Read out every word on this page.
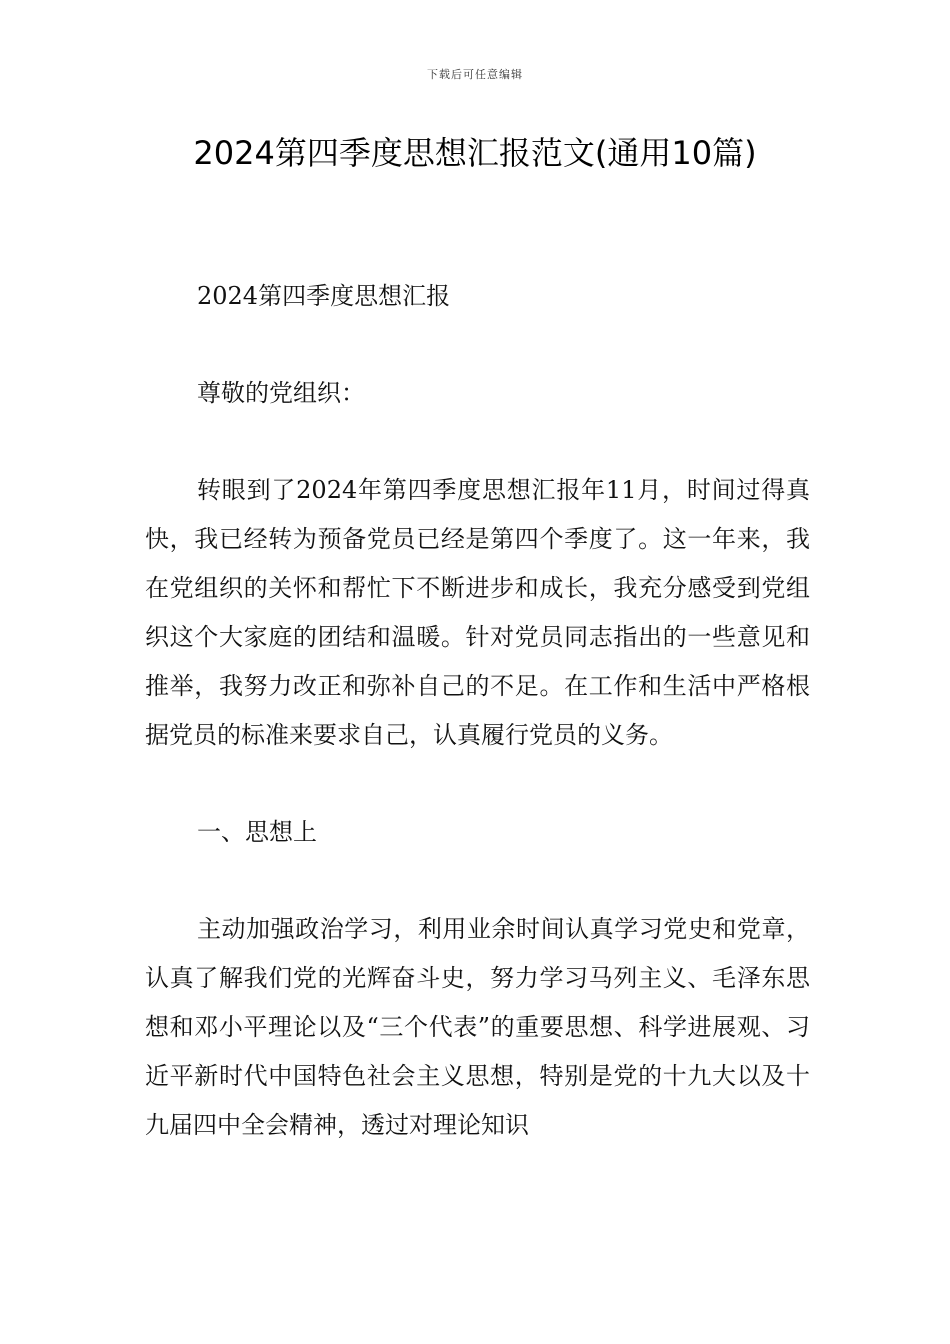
下载后可任意编辑
2024第四季度思想汇报范文(通用10篇)

2024第四季度思想汇报

尊敬的党组织：

转眼到了2024年第四季度思想汇报年11月，时间过得真快，我已经转为预备党员已经是第四个季度了。这一年来，我在党组织的关怀和帮忙下不断进步和成长，我充分感受到党组织这个大家庭的团结和温暖。针对党员同志指出的一些意见和推举，我努力改正和弥补自己的不足。在工作和生活中严格根据党员的标准来要求自己，认真履行党员的义务。

一、思想上

主动加强政治学习，利用业余时间认真学习党史和党章，认真了解我们党的光辉奋斗史，努力学习马列主义、毛泽东思想和邓小平理论以及“三个代表”的重要思想、科学进展观、习近平新时代中国特色社会主义思想，特别是党的十九大以及十九届四中全会精神，透过对理论知识
